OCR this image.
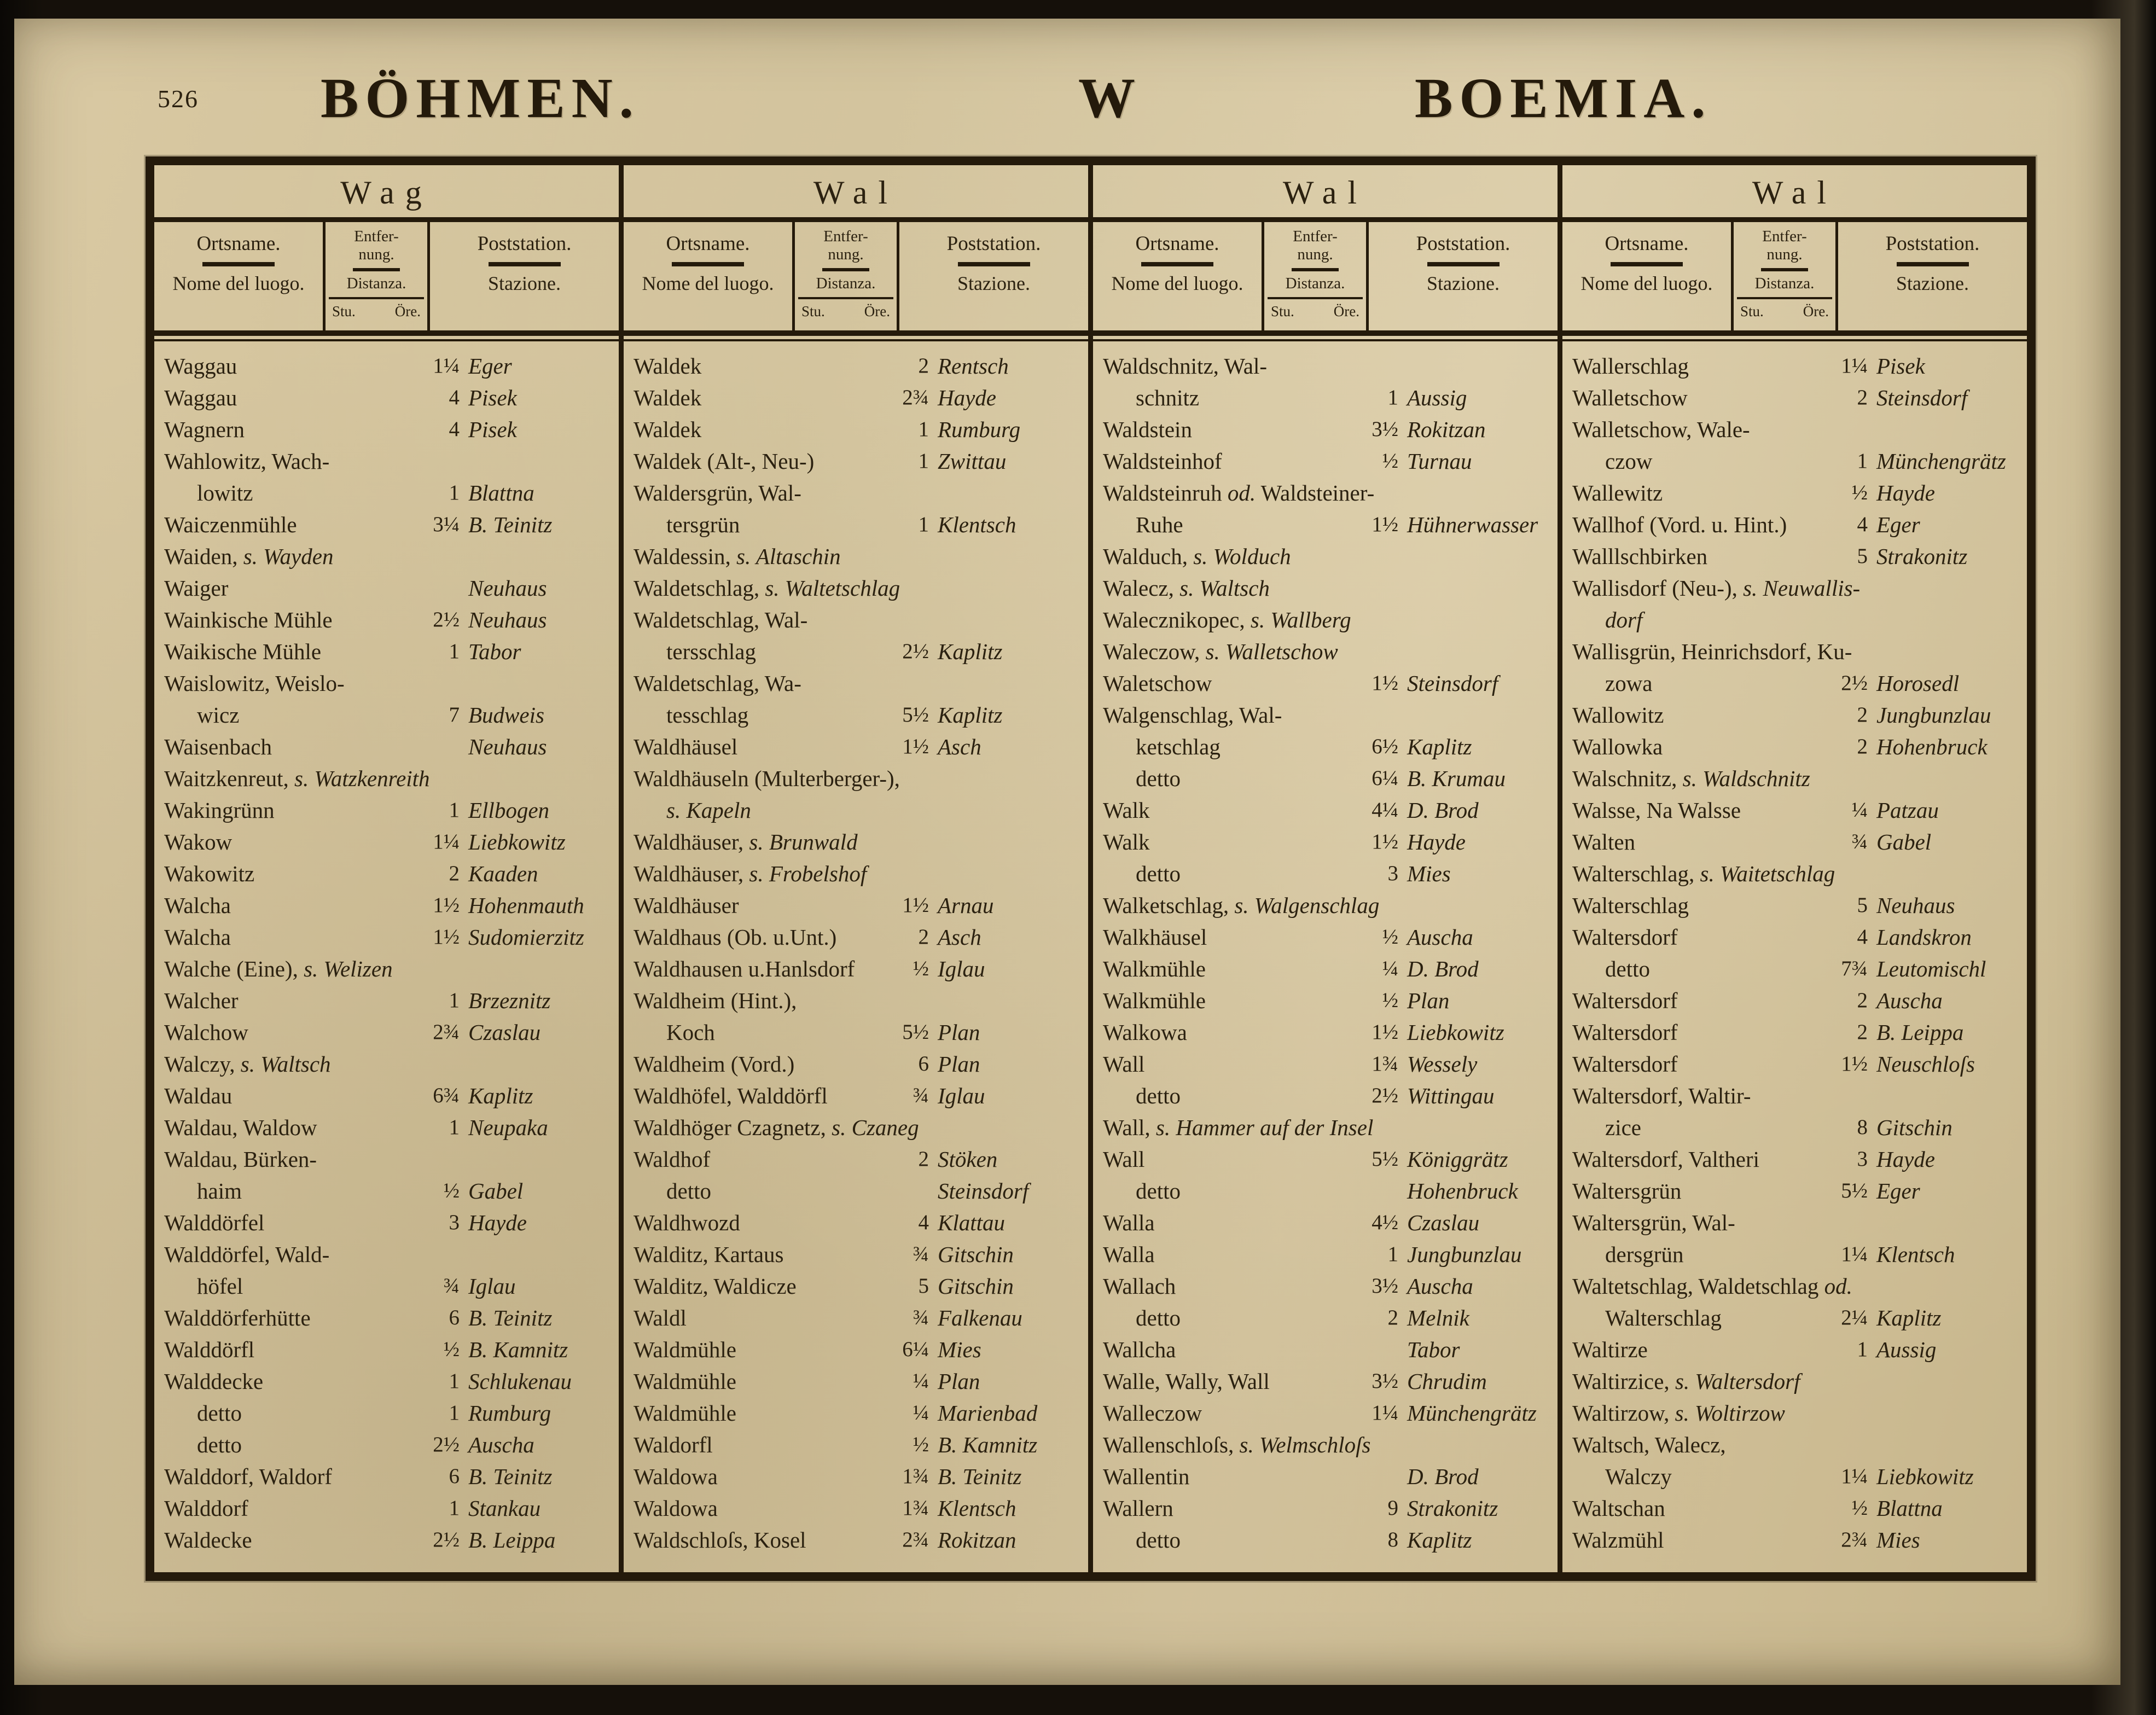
526 BÖHMEN.	W	BOEMIA.
Wag
Ortsname.
Nome del luogo.
Entfer-
nung.
Distanza.
Stu.	Öre.
Poststation.
Stazione.
Waggau	1¼ Eger
Waggau	4 Pisek
Wagnern	4 Pisek
Wahlowitz, Wach-
lowitz	1 Blattna
Waiczenmühle	3¼ B. Teinitz
Waiden, s. Wayden
Waiger	Neuhaus
Wainkische Mühle	2½ Neuhaus
Waikische Mühle	1 Tabor
Waislowitz, Weislo-
wicz	7 Budweis
Waisenbach	Neuhaus
Waitzkenreut, s. Watzkenreith
Wakingrünn	1 Ellbogen
Wakow	1¼ Liebkowitz
Wakowitz	2 Kaaden
Walcha	1½ Hohenmauth
Walcha	1½ Sudomierzitz
Walche (Eine), s. Welizen
Walcher	1 Brzeznitz
Walchow	2¾ Czaslau
Walczy, s. Waltsch
Waldau	6¾ Kaplitz
Waldau, Waldow	1 Neupaka
Waldau, Bürken-
haim	½ Gabel
Walddörfel	3 Hayde
Walddörfel, Wald-
höfel	¾ Iglau
Walddörferhütte	6 B. Teinitz
Walddörfl	½ B. Kamnitz
Walddecke	1 Schlukenau
detto	1 Rumburg
detto	2½ Auscha
Walddorf, Waldorf	6 B. Teinitz
Walddorf	1 Stankau
Waldecke	2½ B. Leippa
Wal
Ortsname.
Nome del luogo.
Entfer-
nung.
Distanza.
Stu.	Öre.
Poststation.
Stazione.
Waldek	2 Rentsch
Waldek	2¾ Hayde
Waldek	1 Rumburg
Waldek (Alt-, Neu-)	1 Zwittau
Waldersgrün, Wal-
tersgrün	1 Klentsch
Waldessin, s. Altaschin
Waldetschlag, s. Waltetschlag
Waldetschlag, Wal-
tersschlag	2½ Kaplitz
Waldetschlag, Wa-
tesschlag	5½ Kaplitz
Waldhäusel	1½ Asch
Waldhäuseln (Multerberger-),
s. Kapeln
Waldhäuser, s. Brunwald
Waldhäuser, s. Frobelshof
Waldhäuser	1½ Arnau
Waldhaus (Ob. u.Unt.)	2 Asch
Waldhausen u.Hanlsdorf	½ Iglau
Waldheim (Hint.),
Koch	5½ Plan
Waldheim (Vord.)	6 Plan
Waldhöfel, Walddörfl	¾ Iglau
Waldhöger Czagnetz, s. Czaneg
Waldhof	2 Stöken
detto	Steinsdorf
Waldhwozd	4 Klattau
Walditz, Kartaus	¾ Gitschin
Walditz, Waldicze	5 Gitschin
Waldl	¾ Falkenau
Waldmühle	6¼ Mies
Waldmühle	¼ Plan
Waldmühle	¼ Marienbad
Waldorfl	½ B. Kamnitz
Waldowa	1¾ B. Teinitz
Waldowa	1¾ Klentsch
Waldschloſs, Kosel	2¾ Rokitzan
Wal
Ortsname.
Nome del luogo.
Entfer-
nung.
Distanza.
Stu.	Öre.
Poststation.
Stazione.
Waldschnitz, Wal-
schnitz	1 Aussig
Waldstein	3½ Rokitzan
Waldsteinhof	½ Turnau
Waldsteinruh od. Waldsteiner-
Ruhe	1½ Hühnerwasser
Walduch, s. Wolduch
Walecz, s. Waltsch
Walecznikopec, s. Wallberg
Waleczow, s. Walletschow
Waletschow	1½ Steinsdorf
Walgenschlag, Wal-
ketschlag	6½ Kaplitz
detto	6¼ B. Krumau
Walk	4¼ D. Brod
Walk	1½ Hayde
detto	3 Mies
Walketschlag, s. Walgenschlag
Walkhäusel	½ Auscha
Walkmühle	¼ D. Brod
Walkmühle	½ Plan
Walkowa	1½ Liebkowitz
Wall	1¾ Wessely
detto	2½ Wittingau
Wall, s. Hammer auf der Insel
Wall	5½ Königgrätz
detto	Hohenbruck
Walla	4½ Czaslau
Walla	1 Jungbunzlau
Wallach	3½ Auscha
detto	2 Melnik
Wallcha	Tabor
Walle, Wally, Wall	3½ Chrudim
Walleczow	1¼ Münchengrätz
Wallenschloſs, s. Welmschloſs
Wallentin	D. Brod
Wallern	9 Strakonitz
detto	8 Kaplitz
Wal
Ortsname.
Nome del luogo.
Entfer-
nung.
Distanza.
Stu.	Öre.
Poststation.
Stazione.
Wallerschlag	1¼ Pisek
Walletschow	2 Steinsdorf
Walletschow, Wale-
czow	1 Münchengrätz
Wallewitz	½ Hayde
Wallhof (Vord. u. Hint.)	4 Eger
Walllschbirken	5 Strakonitz
Wallisdorf (Neu-), s. Neuwallis-
dorf
Wallisgrün, Heinrichsdorf, Ku-
zowa	2½ Horosedl
Wallowitz	2 Jungbunzlau
Wallowka	2 Hohenbruck
Walschnitz, s. Waldschnitz
Walsse, Na Walsse	¼ Patzau
Walten	¾ Gabel
Walterschlag, s. Waitetschlag
Walterschlag	5 Neuhaus
Waltersdorf	4 Landskron
detto	7¾ Leutomischl
Waltersdorf	2 Auscha
Waltersdorf	2 B. Leippa
Waltersdorf	1½ Neuschloſs
Waltersdorf, Waltir-
zice	8 Gitschin
Waltersdorf, Valtheri	3 Hayde
Waltersgrün	5½ Eger
Waltersgrün, Wal-
dersgrün	1¼ Klentsch
Waltetschlag, Waldetschlag od.
Walterschlag	2¼ Kaplitz
Waltirze	1 Aussig
Waltirzice, s. Waltersdorf
Waltirzow, s. Woltirzow
Waltsch, Walecz,
Walczy	1¼ Liebkowitz
Waltschan	½ Blattna
Walzmühl	2¾ Mies
